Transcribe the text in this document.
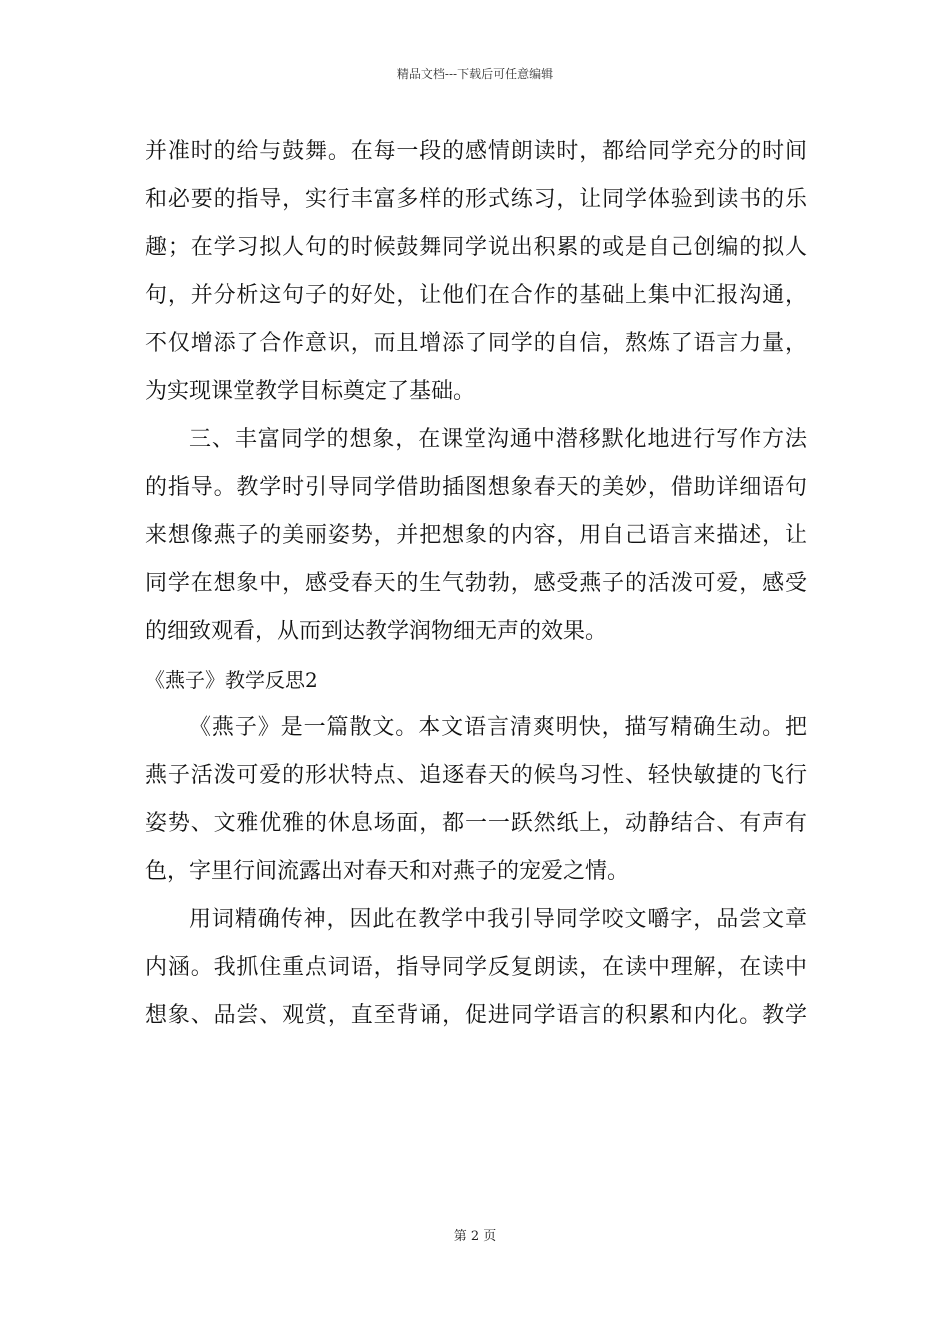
精品文档---下载后可任意编辑
并准时的给与鼓舞。在每一段的感情朗读时，都给同学充分的时间
和必要的指导，实行丰富多样的形式练习，让同学体验到读书的乐
趣；在学习拟人句的时候鼓舞同学说出积累的或是自己创编的拟人
句，并分析这句子的好处，让他们在合作的基础上集中汇报沟通，
不仅增添了合作意识，而且增添了同学的自信，熬炼了语言力量，
为实现课堂教学目标奠定了基础。
三、丰富同学的想象，在课堂沟通中潜移默化地进行写作方法
的指导。教学时引导同学借助插图想象春天的美妙，借助详细语句
来想像燕子的美丽姿势，并把想象的内容，用自己语言来描述，让
同学在想象中，感受春天的生气勃勃，感受燕子的活泼可爱，感受
的细致观看，从而到达教学润物细无声的效果。
《燕子》教学反思2
《燕子》是一篇散文。本文语言清爽明快，描写精确生动。把
燕子活泼可爱的形状特点、追逐春天的候鸟习性、轻快敏捷的飞行
姿势、文雅优雅的休息场面，都一一跃然纸上，动静结合、有声有
色，字里行间流露出对春天和对燕子的宠爱之情。
用词精确传神，因此在教学中我引导同学咬文嚼字，品尝文章
内涵。我抓住重点词语，指导同学反复朗读，在读中理解，在读中
想象、品尝、观赏，直至背诵，促进同学语言的积累和内化。教学
第 2 页
